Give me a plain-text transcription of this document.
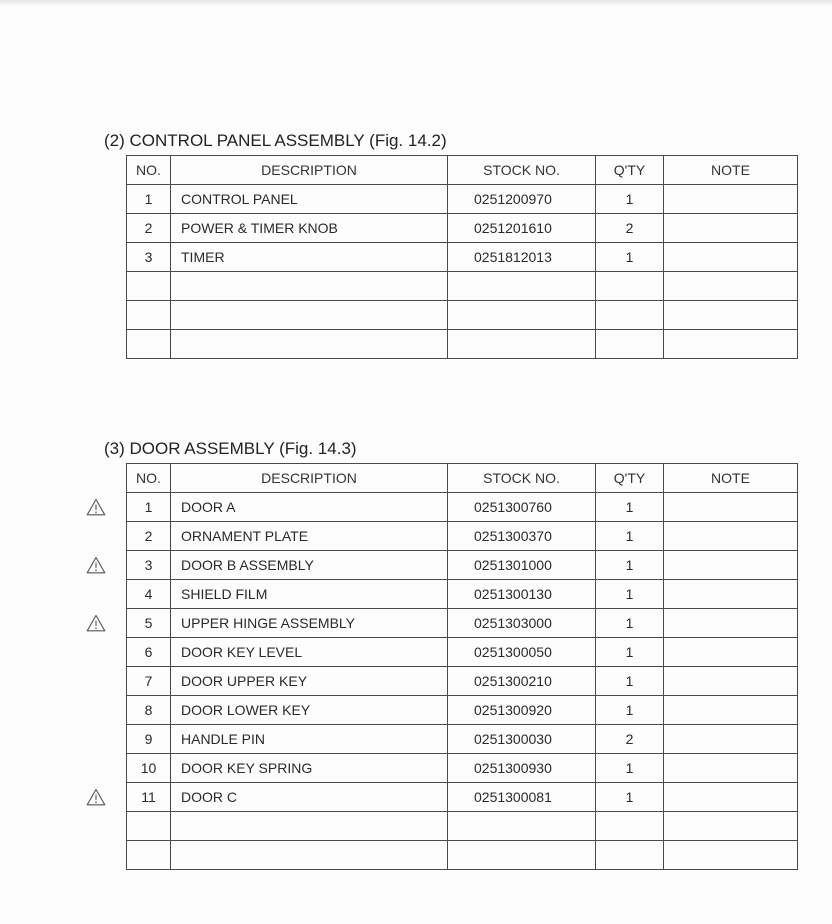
(2) CONTROL PANEL ASSEMBLY (Fig. 14.2)
NO.	DESCRIPTION	STOCK NO.	Q'TY	NOTE
1	CONTROL PANEL	0251200970	1	
2	POWER & TIMER KNOB	0251201610	2	
3	TIMER	0251812013	1	

(3) DOOR ASSEMBLY (Fig. 14.3)
NO.	DESCRIPTION	STOCK NO.	Q'TY	NOTE
1	DOOR A	0251300760	1	
2	ORNAMENT PLATE	0251300370	1	
3	DOOR B ASSEMBLY	0251301000	1	
4	SHIELD FILM	0251300130	1	
5	UPPER HINGE ASSEMBLY	0251303000	1	
6	DOOR KEY LEVEL	0251300050	1	
7	DOOR UPPER KEY	0251300210	1	
8	DOOR LOWER KEY	0251300920	1	
9	HANDLE PIN	0251300030	2	
10	DOOR KEY SPRING	0251300930	1	
11	DOOR C	0251300081	1	
